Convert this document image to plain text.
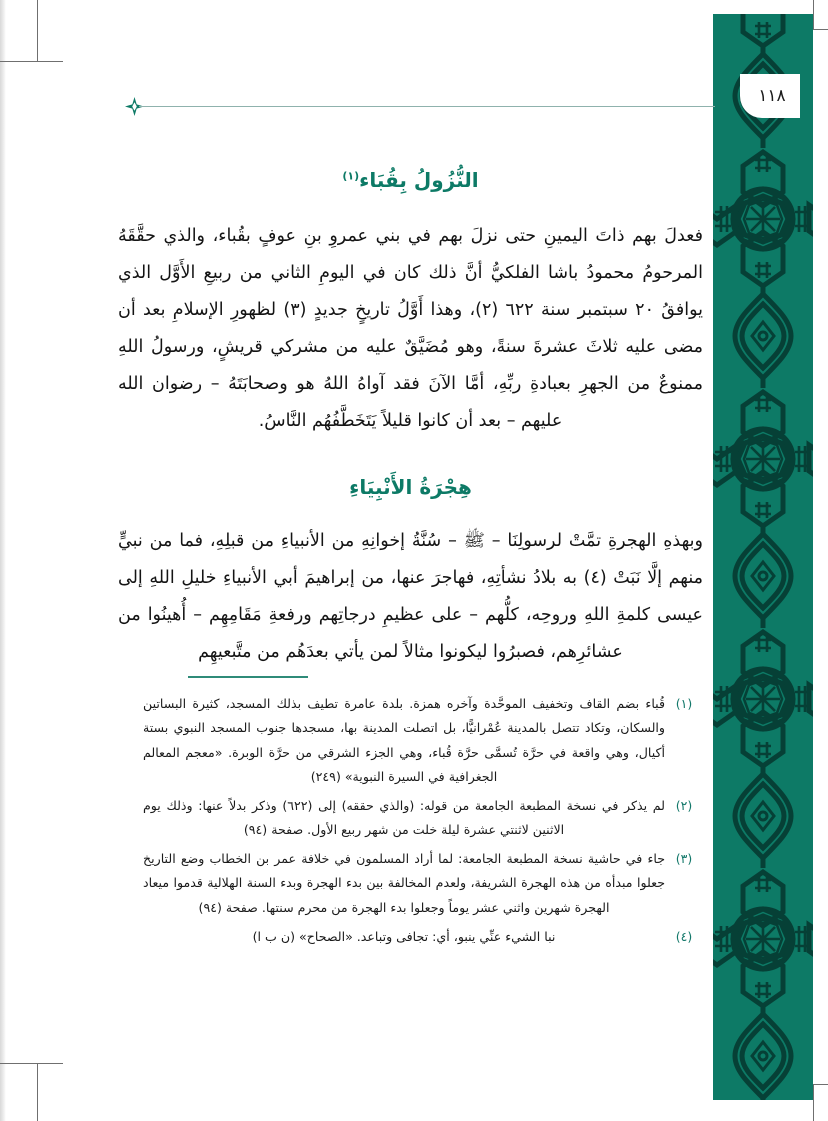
١١٨
النُّزُولُ بِقُبَاء$^{(١)}$

فعدلَ بهم ذاتَ اليمينِ حتى نزلَ بهم في بني عمروِ بنِ عوفٍ بقُباء، والذي حقَّقَهُ المرحومُ محمودُ باشا الفلكيُّ أنَّ ذلك كان في اليومِ الثاني من ربيعِ الأَوَّل الذي يوافقُ ٢٠ سبتمبر سنة ٦٢٢ (٢)، وهذا أَوَّلُ تاريخٍ جديدٍ (٣) لظهورِ الإسلامِ بعد أن مضى عليه ثلاثَ عشرةَ سنةً، وهو مُضَيَّقٌ عليه من مشركي قريشٍ، ورسولُ اللهِ ممنوعٌ من الجهرِ بعبادةِ ربِّهِ، أمَّا الآنَ فقد آواهُ اللهُ هو وصحابَتَهُ – رضوان الله عليهم – بعد أن كانوا قليلاً يَتَخَطَّفُهُم النَّاسُ.

هِجْرَةُ الأَنْبِيَاءِ

وبهذهِ الهجرةِ تمَّتْ لرسولِنَا – ﷺ – سُنَّةُ إخوانِهِ من الأنبياءِ من قبلِهِ، فما من نبيٍّ منهم إلَّا نَبَتْ (٤) به بلادُ نشأتِهِ، فهاجرَ عنها، من إبراهيمَ أبي الأنبياءِ خليلِ اللهِ إلى عيسى كلمةِ اللهِ وروحِه، كلُّهم – على عظيمِ درجاتِهم ورفعةِ مَقَامِهِم – أُهينُوا من عشائرِهم، فصبرُوا ليكونوا مثالاً لمن يأتي بعدَهُم من متَّبعيهِم

(١)
قُباء بضم القاف وتخفيف الموحَّدة وآخره همزة. بلدة عامرة تطيف بذلك المسجد، كثيرة البساتين والسكان، وتكاد تتصل بالمدينة عُمْرانيًّا، بل اتصلت المدينة بها، مسجدها جنوب المسجد النبوي بستة أكيال، وهي واقعة في حرَّة تُسمَّى حرَّة قُباء، وهي الجزء الشرقي من حرَّة الوبرة. «معجم المعالم الجغرافية في السيرة النبوية» (٢٤٩)
(٢)
لم يذكر في نسخة المطبعة الجامعة من قوله: (والذي حققه) إلى (٦٢٢) وذكر بدلاً عنها: وذلك يوم الاثنين لاثنتي عشرة ليلة خلت من شهر ربيع الأول. صفحة (٩٤)
(٣)
جاء في حاشية نسخة المطبعة الجامعة: لما أراد المسلمون في خلافة عمر بن الخطاب وضع التاريخ جعلوا مبدأه من هذه الهجرة الشريفة، ولعدم المخالفة بين بدء الهجرة وبدء السنة الهلالية قدموا ميعاد الهجرة شهرين واثني عشر يوماً وجعلوا بدء الهجرة من محرم سنتها. صفحة (٩٤)
(٤)
نبا الشيء عنِّي ينبو، أي: تجافى وتباعد. «الصحاح» (ن ب ا)
